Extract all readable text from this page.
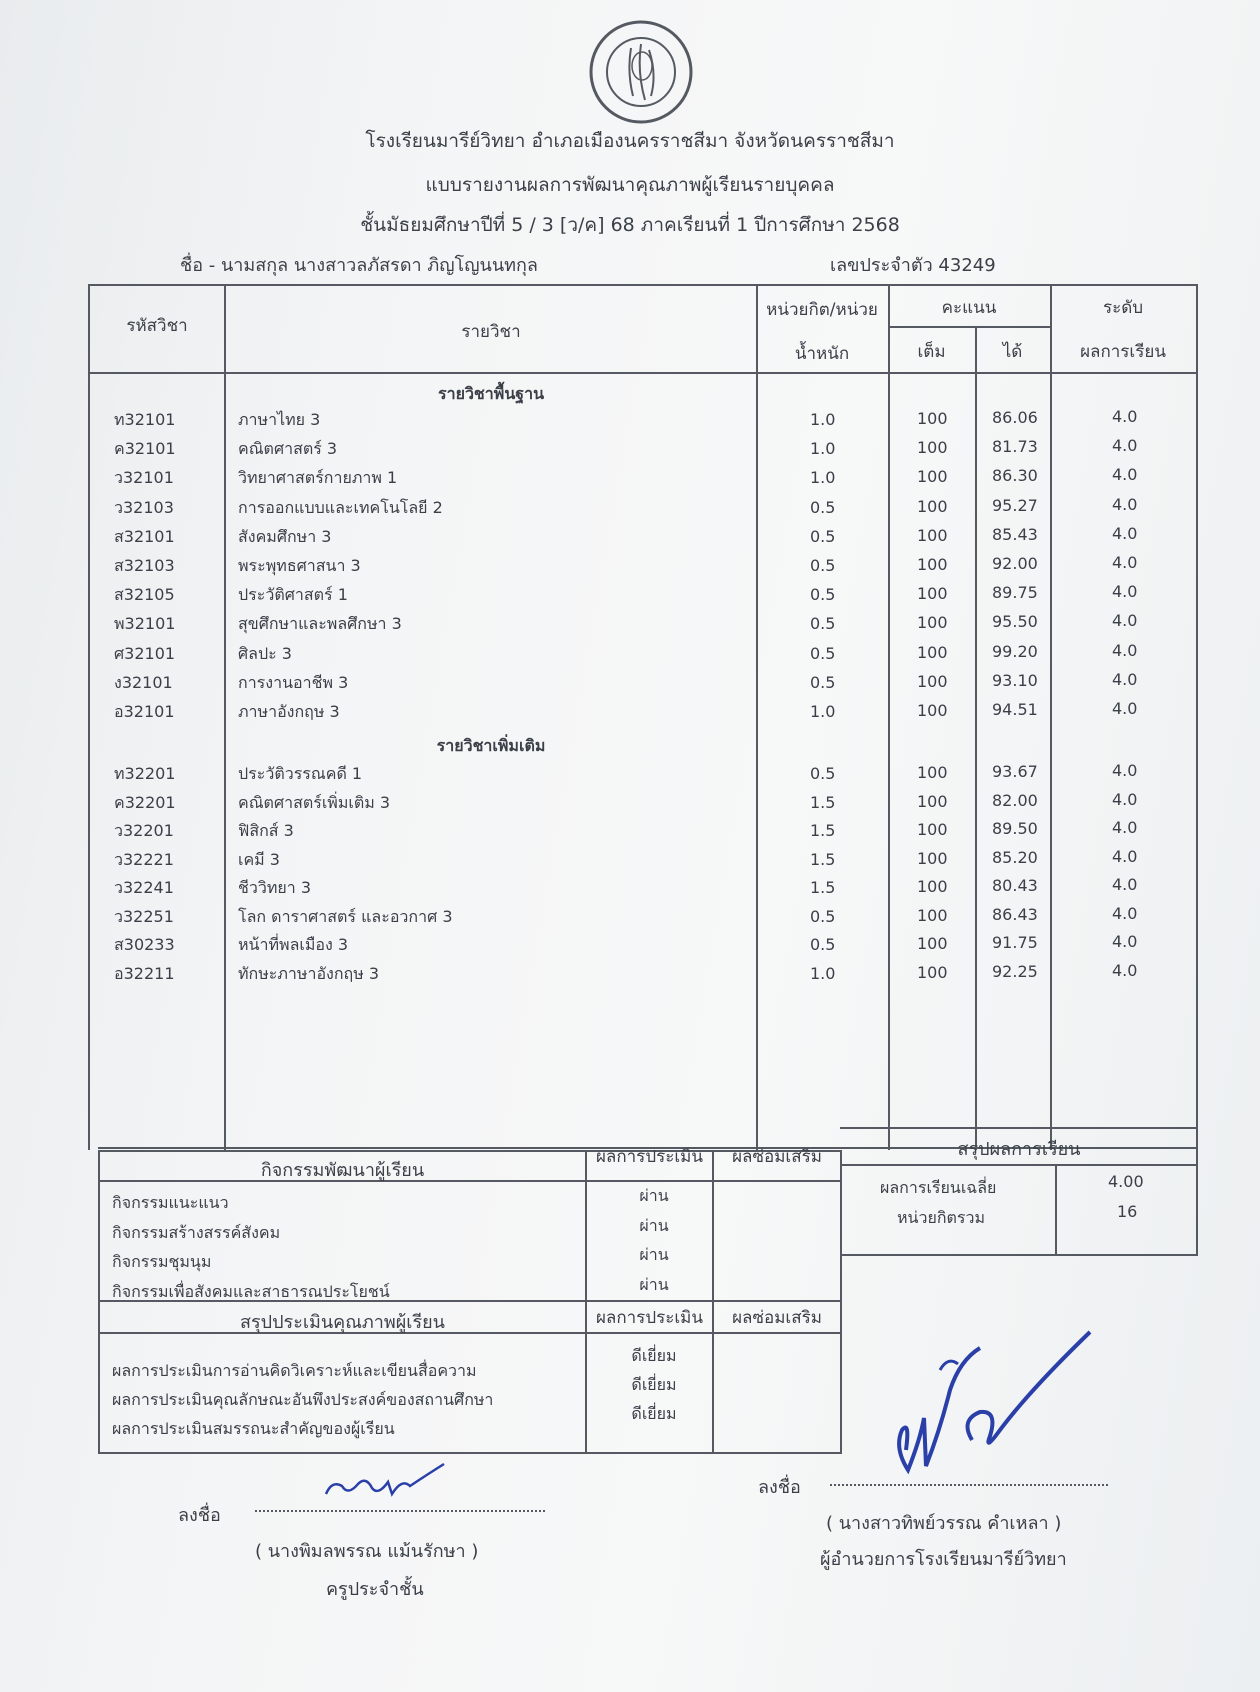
โรงเรียนมารีย์วิทยา อำเภอเมืองนครราชสีมา จังหวัดนครราชสีมา
แบบรายงานผลการพัฒนาคุณภาพผู้เรียนรายบุคคล
ชั้นมัธยมศึกษาปีที่ 5 / 3 [ว/ค] 68 ภาคเรียนที่ 1 ปีการศึกษา 2568
ชื่อ - นามสกุล นางสาวลภัสรดา ภิญโญนนทกุล	เลขประจำตัว 43249
รหัสวิชา	รายวิชา
หน่วยกิต/หน่วย
น้ำหนัก
คะแนน
เต็ม	ได้
ระดับ
ผลการเรียน
รายวิชาพื้นฐาน
รายวิชาเพิ่มเติม
ท32101	ภาษาไทย 3	1.0	100	86.06	4.0
ค32101	คณิตศาสตร์ 3	1.0	100	81.73	4.0
ว32101	วิทยาศาสตร์กายภาพ 1	1.0	100	86.30	4.0
ว32103	การออกแบบและเทคโนโลยี 2	0.5	100	95.27	4.0
ส32101	สังคมศึกษา 3	0.5	100	85.43	4.0
ส32103	พระพุทธศาสนา 3	0.5	100	92.00	4.0
ส32105	ประวัติศาสตร์ 1	0.5	100	89.75	4.0
พ32101	สุขศึกษาและพลศึกษา 3	0.5	100	95.50	4.0
ศ32101	ศิลปะ 3	0.5	100	99.20	4.0
ง32101	การงานอาชีพ 3	0.5	100	93.10	4.0
อ32101	ภาษาอังกฤษ 3	1.0	100	94.51	4.0
ท32201	ประวัติวรรณคดี 1	0.5	100	93.67	4.0
ค32201	คณิตศาสตร์เพิ่มเติม 3	1.5	100	82.00	4.0
ว32201	ฟิสิกส์ 3	1.5	100	89.50	4.0
ว32221	เคมี 3	1.5	100	85.20	4.0
ว32241	ชีววิทยา 3	1.5	100	80.43	4.0
ว32251	โลก ดาราศาสตร์ และอวกาศ 3	0.5	100	86.43	4.0
ส30233	หน้าที่พลเมือง 3	0.5	100	91.75	4.0
อ32211	ทักษะภาษาอังกฤษ 3	1.0	100	92.25	4.0
กิจกรรมพัฒนาผู้เรียน
ผลการประเมิน	ผลซ่อมเสริม
กิจกรรมแนะแนว	ผ่าน
กิจกรรมสร้างสรรค์สังคม	ผ่าน
กิจกรรมชุมนุม	ผ่าน
กิจกรรมเพื่อสังคมและสาธารณประโยชน์	ผ่าน
สรุปประเมินคุณภาพผู้เรียน	ผลการประเมิน	ผลซ่อมเสริม
ผลการประเมินการอ่านคิดวิเคราะห์และเขียนสื่อความ
ดีเยี่ยม
ผลการประเมินคุณลักษณะอันพึงประสงค์ของสถานศึกษา
ดีเยี่ยม
ผลการประเมินสมรรถนะสำคัญของผู้เรียน
ดีเยี่ยม
สรุปผลการเรียน
ผลการเรียนเฉลี่ย	4.00
หน่วยกิตรวม	16
ลงชื่อ
( นางพิมลพรรณ แม้นรักษา )
ครูประจำชั้น
ลงชื่อ
( นางสาวทิพย์วรรณ คำเหลา )
ผู้อำนวยการโรงเรียนมารีย์วิทยา
